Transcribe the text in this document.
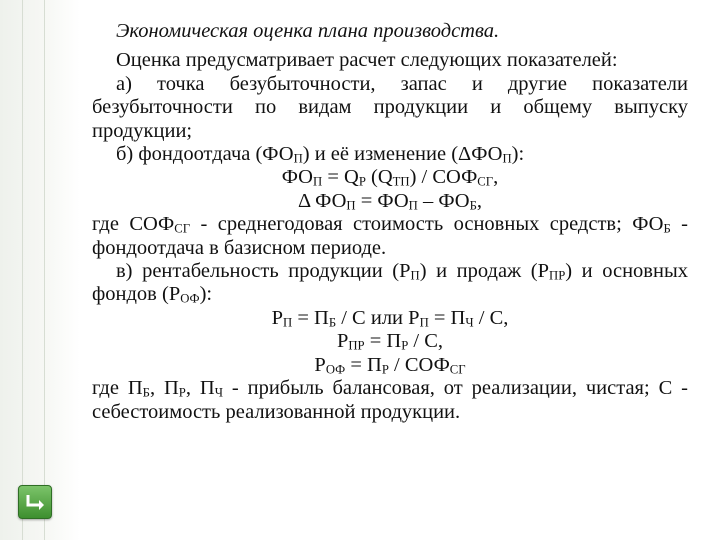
Экономическая оценка плана производства.

Оценка предусматривает расчет следующих показателей:

а) точка безубыточности, запас и другие показатели безубыточности по видам продукции и общему выпуску продукции;

б) фондоотдача $(ФО_П)$ и её изменение $(\Delta ФО_П)$:

$ФО_П = Q_Р$ $(Q_{ТП}) / СОФ_{СГ}$,

Δ $ФО_П = ФО_П - ФО_Б$,

где $СОФ_{СГ}$ - среднегодовая стоимость основных средств; $ФО_Б$ - фондоотдача в базисном периоде.

в) рентабельность продукции $(Р_П)$ и продаж $(Р_{ПР})$ и основных фондов $(Р_{ОФ})$:

$Р_П = П_Б / С$ или $Р_П = П_Ч / С$,

$Р_{ПР} = П_Р / С$,

$Р_{ОФ} = П_Р / СОФ_{СГ}$

где $П_Б$, $П_Р$, $П_Ч$ - прибыль балансовая, от реализации, чистая; С - себестоимость реализованной продукции.
